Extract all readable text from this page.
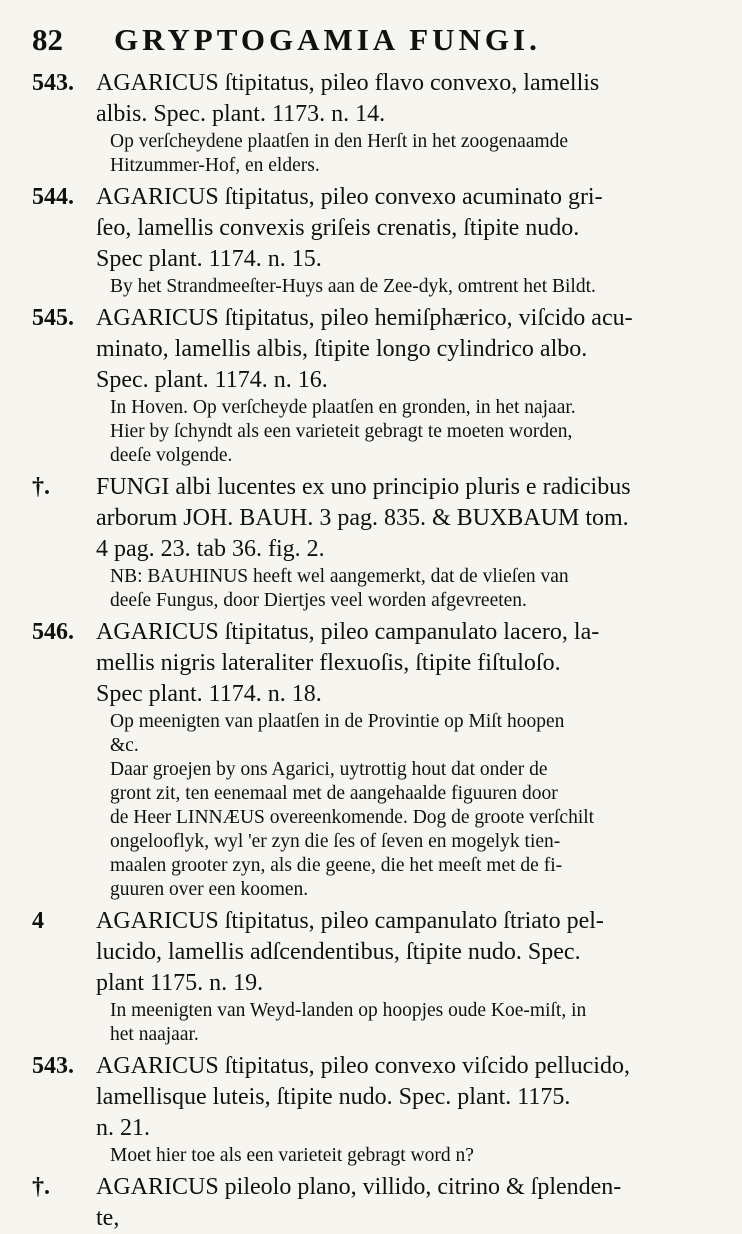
82	GRYPTOGAMIA FUNGI.
543. AGARICUS ſtipitatus, pileo flavo convexo, lamellis
albis. Spec. plant. 1173. n. 14.
Op verſcheydene plaatſen in den Herſt in het zoogenaamde
Hitzummer-Hof, en elders.
544. AGARICUS ſtipitatus, pileo convexo acuminato gri-
ſeo, lamellis convexis griſeis crenatis, ſtipite nudo.
Spec plant. 1174. n. 15.
By het Strandmeeſter-Huys aan de Zee-dyk, omtrent het Bildt.
545. AGARICUS ſtipitatus, pileo hemiſphærico, viſcido acu-
minato, lamellis albis, ſtipite longo cylindrico albo.
Spec. plant. 1174. n. 16.
In Hoven. Op verſcheyde plaatſen en gronden, in het najaar.
Hier by ſchyndt als een varieteit gebragt te moeten worden,
deeſe volgende.
†.	FUNGI albi lucentes ex uno principio pluris e radicibus
arborum JOH. BAUH. 3 pag. 835. & BUXBAUM tom.
4 pag. 23. tab 36. fig. 2.
NB: BAUHINUS heeft wel aangemerkt, dat de vlieſen van
deeſe Fungus, door Diertjes veel worden afgevreeten.
546. AGARICUS ſtipitatus, pileo campanulato lacero, la-
mellis nigris lateraliter flexuoſis, ſtipite fiſtuloſo.
Spec plant. 1174. n. 18.
Op meenigten van plaatſen in de Provintie op Miſt hoopen
&c.
Daar groejen by ons Agarici, uytrottig hout dat onder de
gront zit, ten eenemaal met de aangehaalde figuuren door
de Heer LINNÆUS overeenkomende. Dog de groote verſchilt
ongelooflyk, wyl 'er zyn die ſes of ſeven en mogelyk tien-
maalen grooter zyn, als die geene, die het meeſt met de fi-
guuren over een koomen.
4	AGARICUS ſtipitatus, pileo campanulato ſtriato pel-
lucido, lamellis adſcendentibus, ſtipite nudo. Spec.
plant 1175. n. 19.
In meenigten van Weyd-landen op hoopjes oude Koe-miſt, in
het naajaar.
543. AGARICUS ſtipitatus, pileo convexo viſcido pellucido,
lamellisque luteis, ſtipite nudo. Spec. plant. 1175.
n. 21.
Moet hier toe als een varieteit gebragt word n?
†.	AGARICUS pileolo plano, villido, citrino & ſplenden-
te,
